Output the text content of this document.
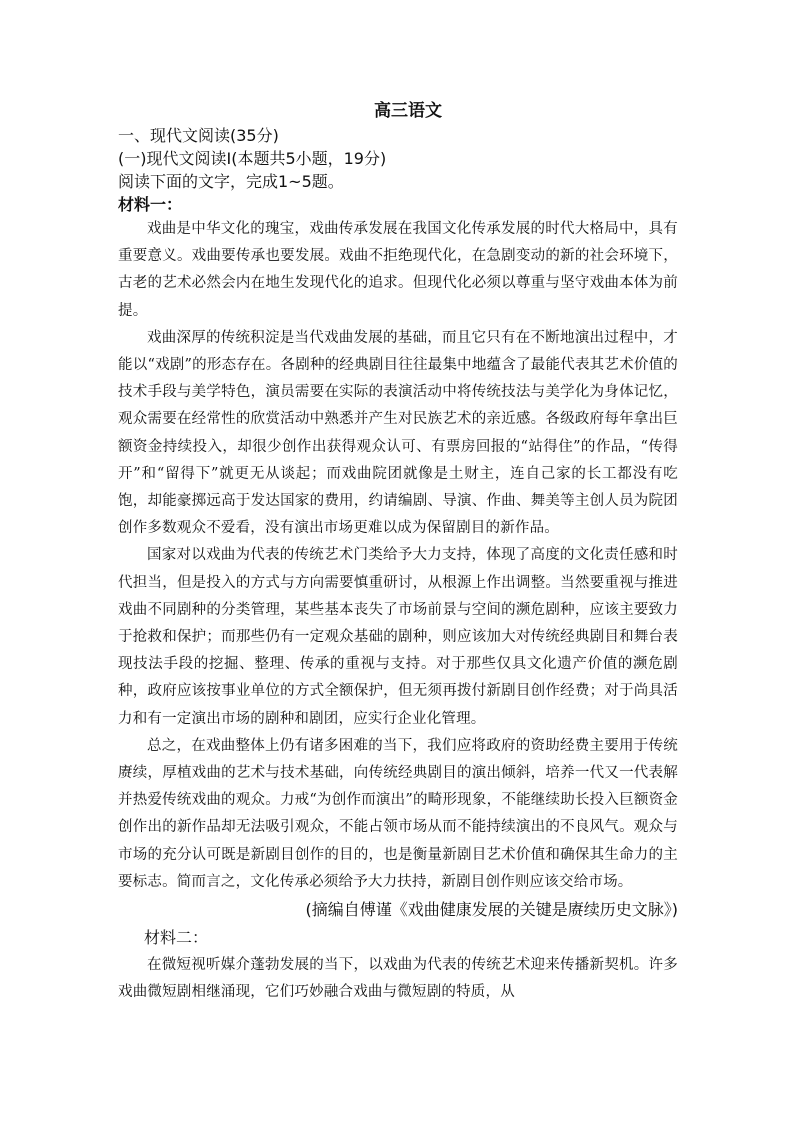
高三语文

一、现代文阅读(35分)

(一)现代文阅读Ⅰ(本题共5小题，19分)

阅读下面的文字，完成1~5题。

材料一：

戏曲是中华文化的瑰宝，戏曲传承发展在我国文化传承发展的时代大格局中，具有重要意义。戏曲要传承也要发展。戏曲不拒绝现代化，在急剧变动的新的社会环境下，古老的艺术必然会内在地生发现代化的追求。但现代化必须以尊重与坚守戏曲本体为前提。

戏曲深厚的传统积淀是当代戏曲发展的基础，而且它只有在不断地演出过程中，才能以“戏剧”的形态存在。各剧种的经典剧目往往最集中地蕴含了最能代表其艺术价值的技术手段与美学特色，演员需要在实际的表演活动中将传统技法与美学化为身体记忆，观众需要在经常性的欣赏活动中熟悉并产生对民族艺术的亲近感。各级政府每年拿出巨额资金持续投入，却很少创作出获得观众认可、有票房回报的“站得住”的作品，“传得开”和“留得下”就更无从谈起；而戏曲院团就像是土财主，连自己家的长工都没有吃饱，却能豪掷远高于发达国家的费用，约请编剧、导演、作曲、舞美等主创人员为院团创作多数观众不爱看，没有演出市场更难以成为保留剧目的新作品。

国家对以戏曲为代表的传统艺术门类给予大力支持，体现了高度的文化责任感和时代担当，但是投入的方式与方向需要慎重研讨，从根源上作出调整。当然要重视与推进戏曲不同剧种的分类管理，某些基本丧失了市场前景与空间的濒危剧种，应该主要致力于抢救和保护；而那些仍有一定观众基础的剧种，则应该加大对传统经典剧目和舞台表现技法手段的挖掘、整理、传承的重视与支持。对于那些仅具文化遗产价值的濒危剧种，政府应该按事业单位的方式全额保护，但无须再拨付新剧目创作经费；对于尚具活力和有一定演出市场的剧种和剧团，应实行企业化管理。

总之，在戏曲整体上仍有诸多困难的当下，我们应将政府的资助经费主要用于传统赓续，厚植戏曲的艺术与技术基础，向传统经典剧目的演出倾斜，培养一代又一代表解并热爱传统戏曲的观众。力戒“为创作而演出”的畸形现象，不能继续助长投入巨额资金创作出的新作品却无法吸引观众，不能占领市场从而不能持续演出的不良风气。观众与市场的充分认可既是新剧目创作的目的，也是衡量新剧目艺术价值和确保其生命力的主要标志。简而言之，文化传承必须给予大力扶持，新剧目创作则应该交给市场。

(摘编自傅谨《戏曲健康发展的关键是赓续历史文脉》)

材料二：

在微短视听媒介蓬勃发展的当下，以戏曲为代表的传统艺术迎来传播新契机。许多戏曲微短剧相继涌现，它们巧妙融合戏曲与微短剧的特质，从
